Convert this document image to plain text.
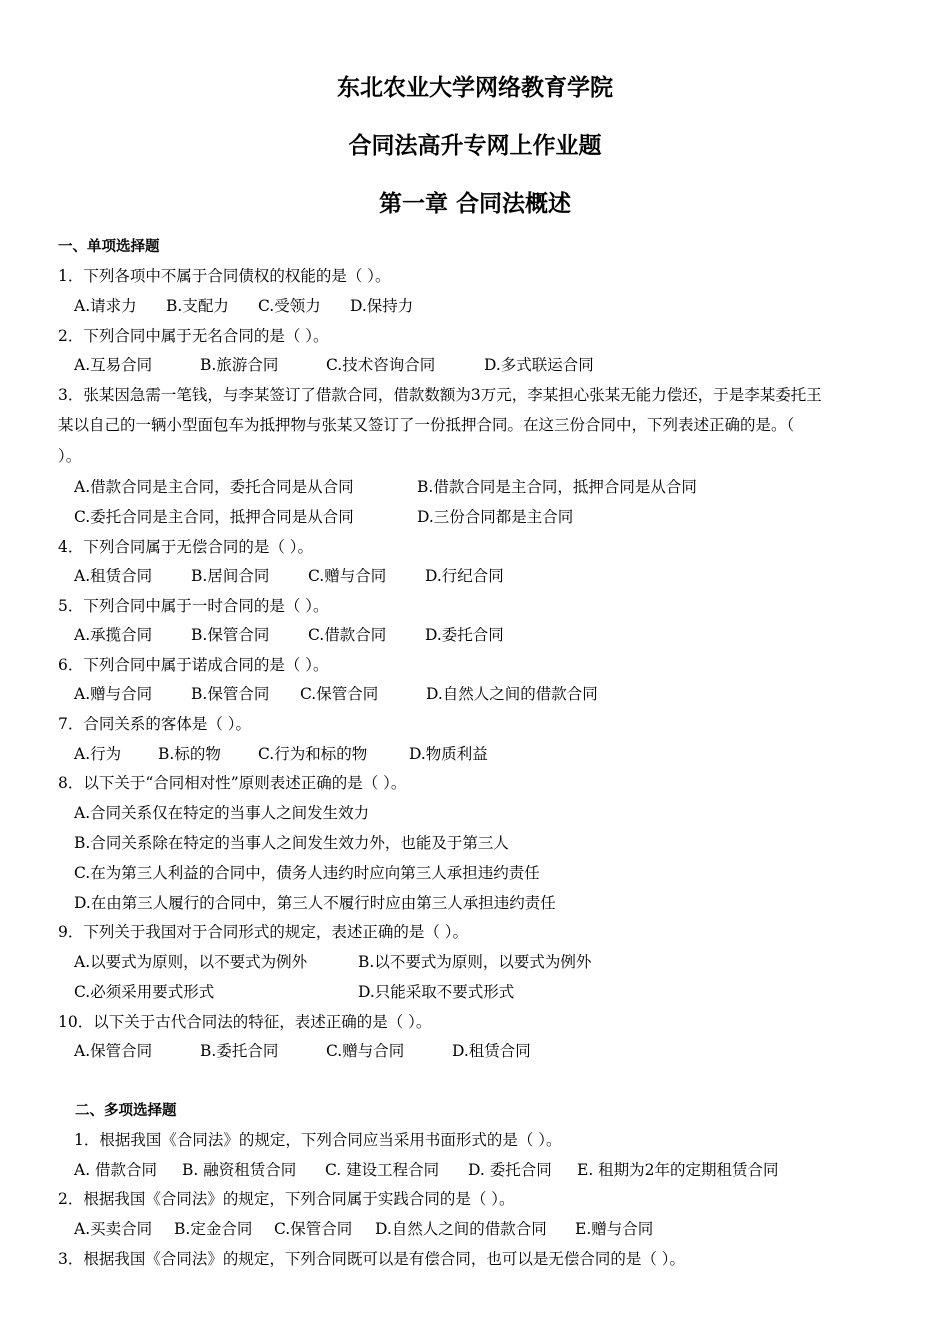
东北农业大学网络教育学院
合同法高升专网上作业题
第一章 合同法概述
一、单项选择题
1．下列各项中不属于合同债权的权能的是（ ）。
A.请求力 B.支配力 C.受领力 D.保持力
2．下列合同中属于无名合同的是（ ）。
A.互易合同	B.旅游合同	C.技术咨询合同	D.多式联运合同
3．张某因急需一笔钱，与李某签订了借款合同，借款数额为3万元，李某担心张某无能力偿还，于是李某委托王
某以自己的一辆小型面包车为抵押物与张某又签订了一份抵押合同。在这三份合同中，下列表述正确的是。（
）。
A.借款合同是主合同，委托合同是从合同	B.借款合同是主合同，抵押合同是从合同
C.委托合同是主合同，抵押合同是从合同	D.三份合同都是主合同
4．下列合同属于无偿合同的是（ ）。
A.租赁合同	B.居间合同 C.赠与合同	D.行纪合同
5．下列合同中属于一时合同的是（ ）。
A.承揽合同	B.保管合同 C.借款合同	D.委托合同
6．下列合同中属于诺成合同的是（ ）。
A.赠与合同	B.保管合同 C.保管合同	D.自然人之间的借款合同
7．合同关系的客体是（ ）。
A.行为 B.标的物 C.行为和标的物	D.物质利益
8．以下关于“合同相对性”原则表述正确的是（ ）。
A.合同关系仅在特定的当事人之间发生效力
B.合同关系除在特定的当事人之间发生效力外，也能及于第三人
C.在为第三人利益的合同中，债务人违约时应向第三人承担违约责任
D.在由第三人履行的合同中，第三人不履行时应由第三人承担违约责任
9．下列关于我国对于合同形式的规定，表述正确的是（ ）。
A.以要式为原则，以不要式为例外	B.以不要式为原则，以要式为例外
C.必须采用要式形式	D.只能采取不要式形式
10．以下关于古代合同法的特征，表述正确的是（ ）。
A.保管合同	B.委托合同	C.赠与合同	D.租赁合同
二、多项选择题
1．根据我国《合同法》的规定，下列合同应当采用书面形式的是（ ）。
A. 借款合同 B. 融资租赁合同 C. 建设工程合同 D. 委托合同 E. 租期为2年的定期租赁合同
2．根据我国《合同法》的规定，下列合同属于实践合同的是（ ）。
A.买卖合同 B.定金合同 C.保管合同 D.自然人之间的借款合同 E.赠与合同
3．根据我国《合同法》的规定，下列合同既可以是有偿合同，也可以是无偿合同的是（ ）。
